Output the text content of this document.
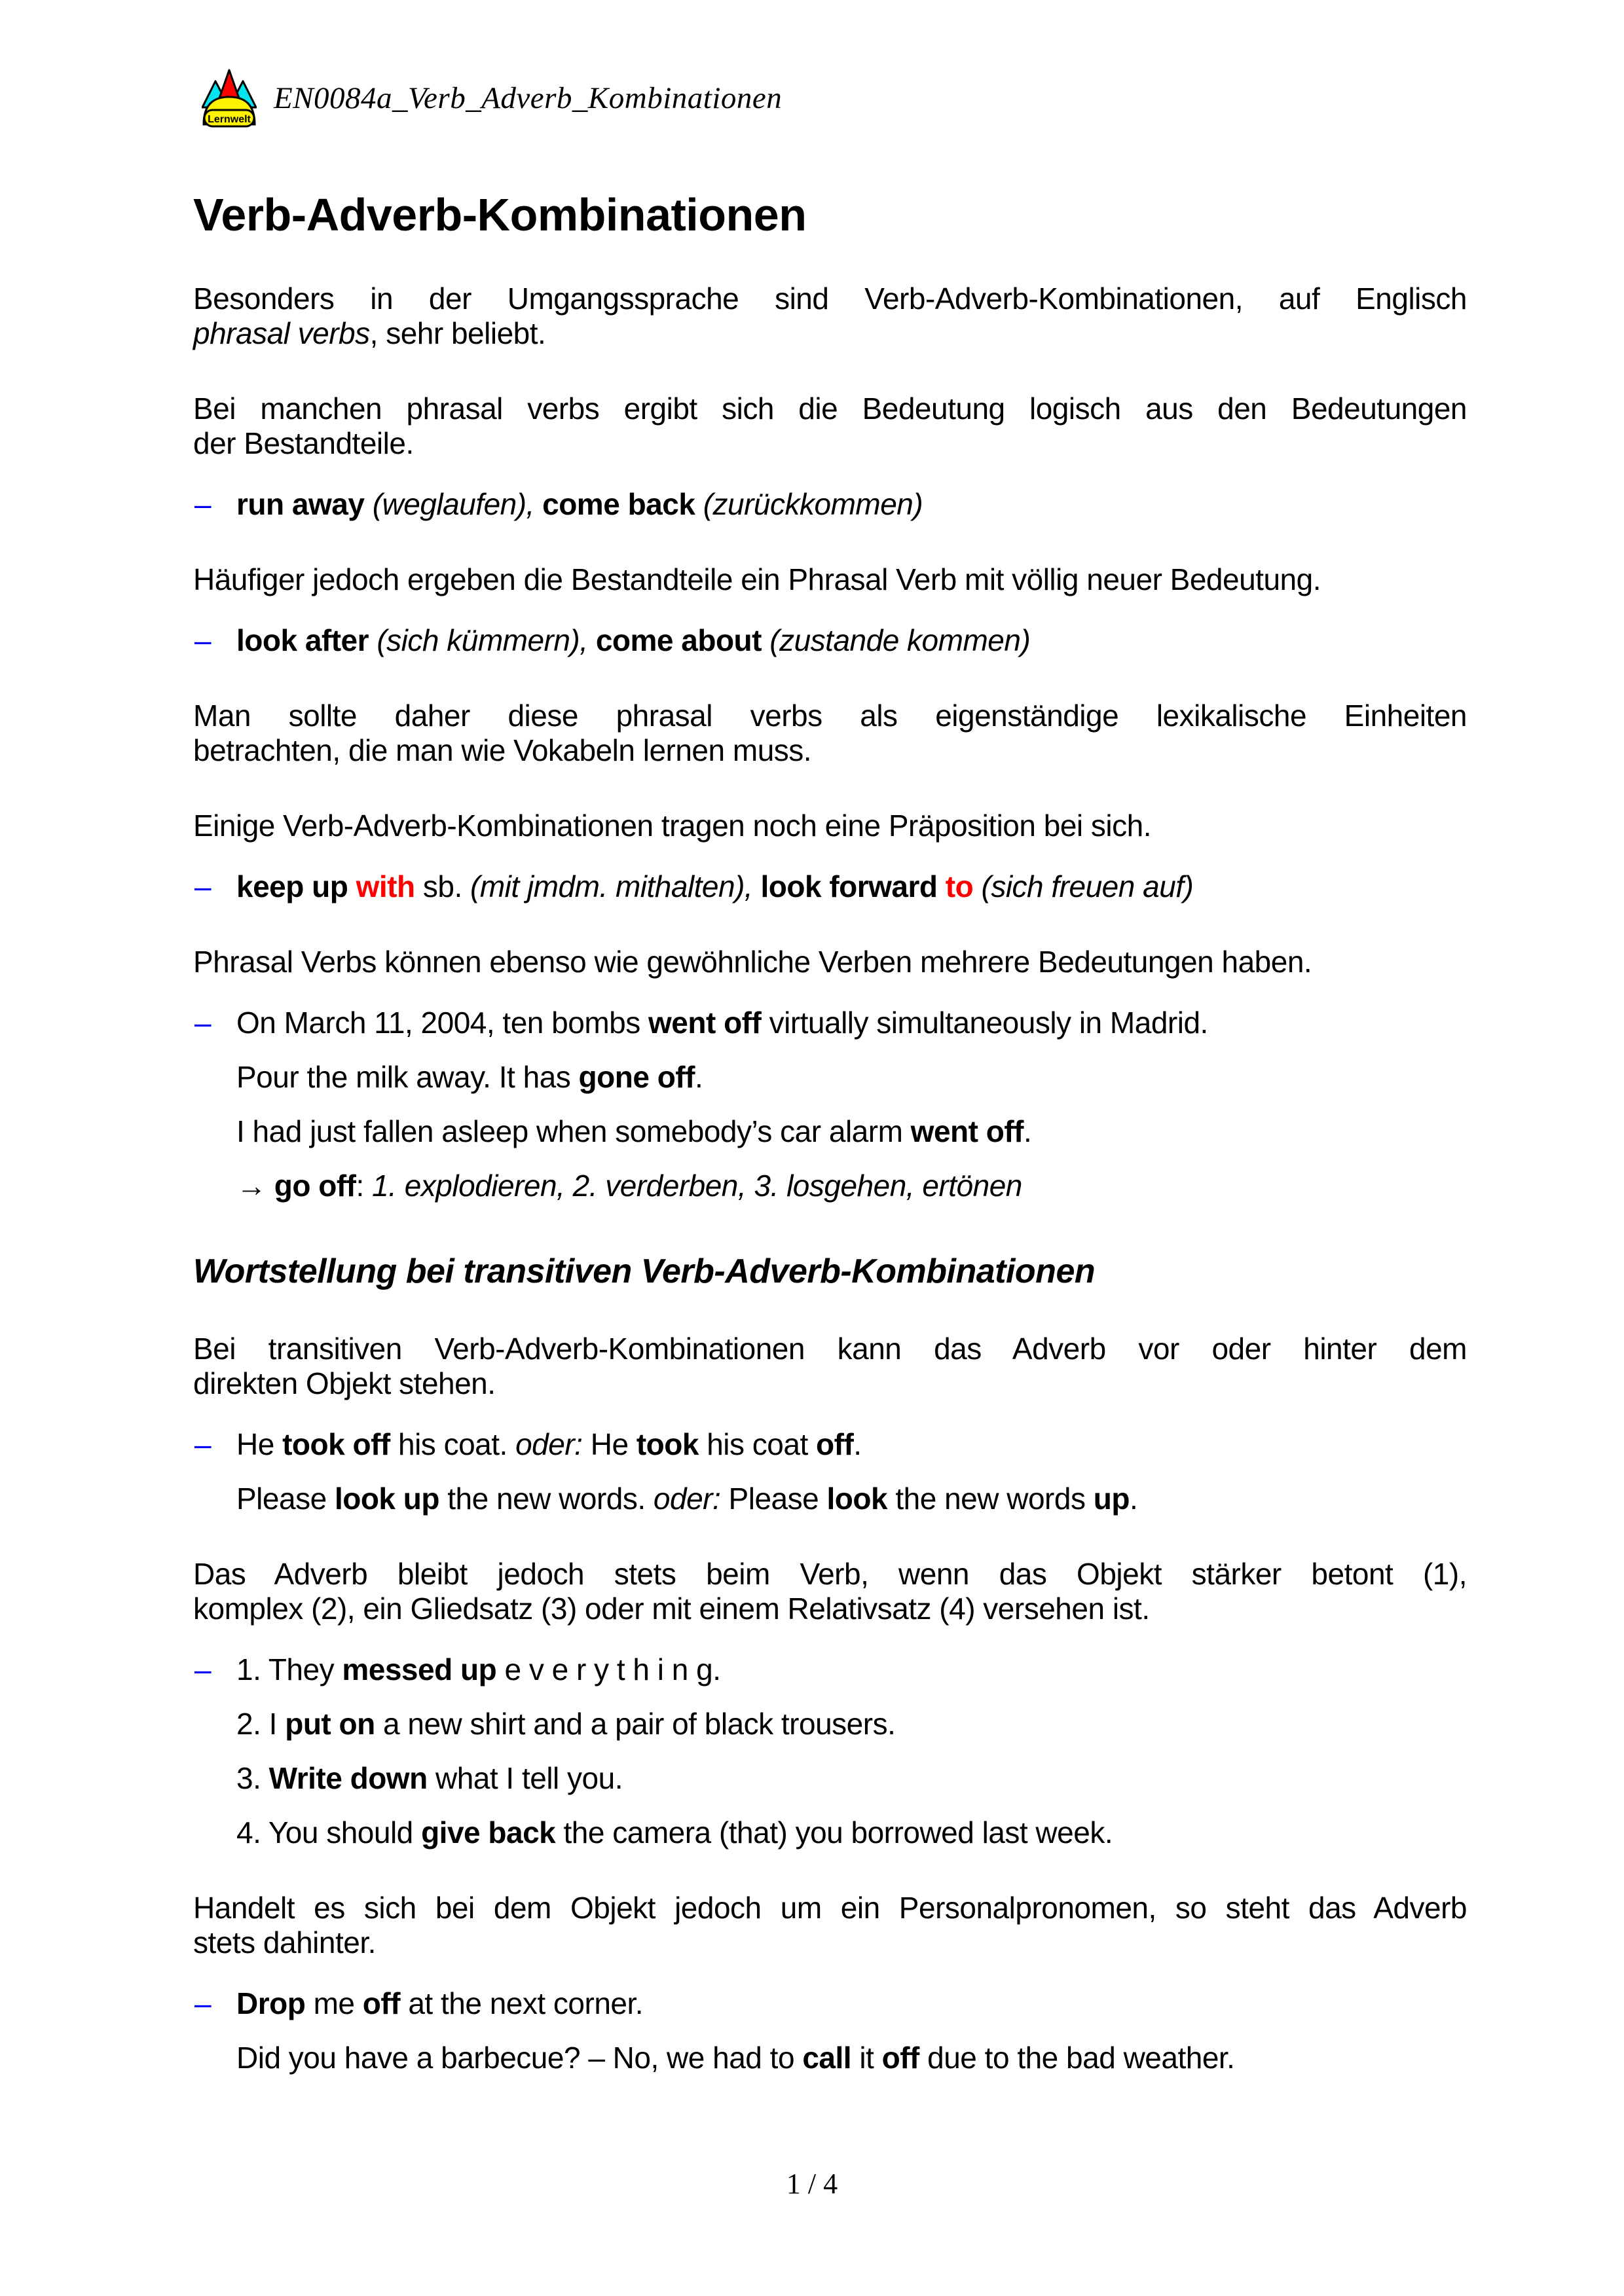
Lernwelt
EN0084a_Verb_Adverb_Kombinationen
Verb-Adverb-Kombinationen
Besonders in der Umgangssprache sind Verb-Adverb-Kombinationen, auf Englisch
phrasal verbs, sehr beliebt.
Bei manchen phrasal verbs ergibt sich die Bedeutung logisch aus den Bedeutungen
der Bestandteile.
– run away (weglaufen), come back (zurückkommen)
Häufiger jedoch ergeben die Bestandteile ein Phrasal Verb mit völlig neuer Bedeutung.
– look after (sich kümmern), come about (zustande kommen)
Man sollte daher diese phrasal verbs als eigenständige lexikalische Einheiten
betrachten, die man wie Vokabeln lernen muss.
Einige Verb-Adverb-Kombinationen tragen noch eine Präposition bei sich.
– keep up with sb. (mit jmdm. mithalten), look forward to (sich freuen auf)
Phrasal Verbs können ebenso wie gewöhnliche Verben mehrere Bedeutungen haben.
– On March 11, 2004, ten bombs went off virtually simultaneously in Madrid.
Pour the milk away. It has gone off.
I had just fallen asleep when somebody’s car alarm went off.
→ go off: 1. explodieren, 2. verderben, 3. losgehen, ertönen
Wortstellung bei transitiven Verb-Adverb-Kombinationen
Bei transitiven Verb-Adverb-Kombinationen kann das Adverb vor oder hinter dem
direkten Objekt stehen.
– He took off his coat. oder: He took his coat off.
Please look up the new words. oder: Please look the new words up.
Das Adverb bleibt jedoch stets beim Verb, wenn das Objekt stärker betont (1),
komplex (2), ein Gliedsatz (3) oder mit einem Relativsatz (4) versehen ist.
– 1. They messed up e v e r y t h i n g.
2. I put on a new shirt and a pair of black trousers.
3. Write down what I tell you.
4. You should give back the camera (that) you borrowed last week.
Handelt es sich bei dem Objekt jedoch um ein Personalpronomen, so steht das Adverb
stets dahinter.
– Drop me off at the next corner.
Did you have a barbecue? – No, we had to call it off due to the bad weather.
1 / 4
